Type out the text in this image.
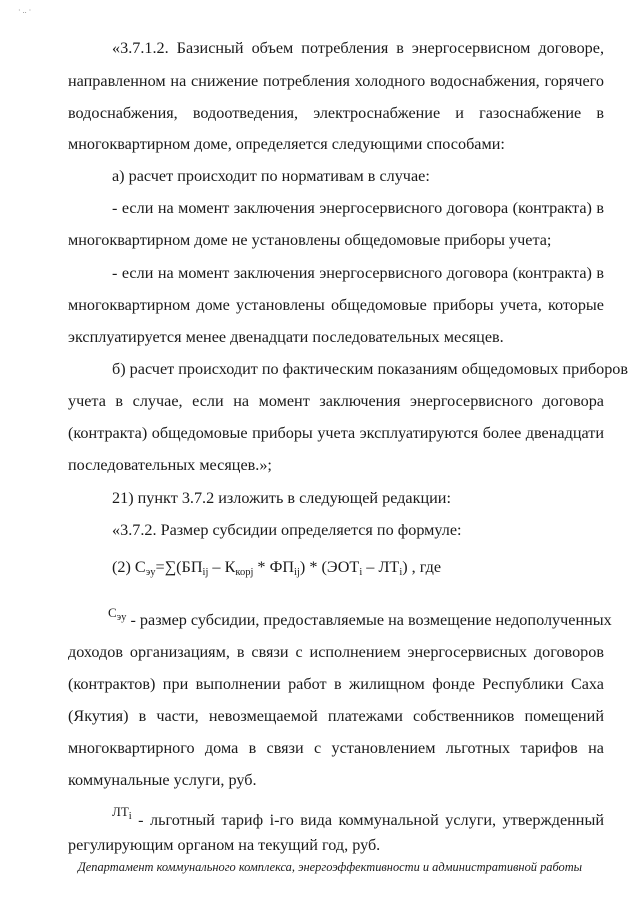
· .. ·
«3.7.1.2. Базисный объем потребления в энергосервисном договоре,
направленном на снижение потребления холодного водоснабжения, горячего
водоснабжения, водоотведения, электроснабжение и газоснабжение в
многоквартирном доме, определяется следующими способами:
а) расчет происходит по нормативам в случае:
- если на момент заключения энергосервисного договора (контракта) в
многоквартирном доме не установлены общедомовые приборы учета;
- если на момент заключения энергосервисного договора (контракта) в
многоквартирном доме установлены общедомовые приборы учета, которые
эксплуатируется менее двенадцати последовательных месяцев.
б) расчет происходит по фактическим показаниям общедомовых приборов
учета в случае, если на момент заключения энергосервисного договора
(контракта) общедомовые приборы учета эксплуатируются более двенадцати
последовательных месяцев.»;
21) пункт 3.7.2 изложить в следующей редакции:
«3.7.2. Размер субсидии определяется по формуле:
(2) $С_{эу}=\sum(БП_{ij} - К_{корj} * ФП_{ij}) * (ЭОТ_i - ЛТ_i)$ , где
$^{С_{эу}}$ - размер субсидии, предоставляемые на возмещение недополученных
доходов организациям, в связи с исполнением энергосервисных договоров
(контрактов) при выполнении работ в жилищном фонде Республики Саха
(Якутия) в части, невозмещаемой платежами собственников помещений
многоквартирного дома в связи с установлением льготных тарифов на
коммунальные услуги, руб.
$^{ЛТ_i}$ - льготный тариф i-го вида коммунальной услуги, утвержденный
регулирующим органом на текущий год, руб.
Департамент коммунального комплекса, энергоэффективности и административной работы
